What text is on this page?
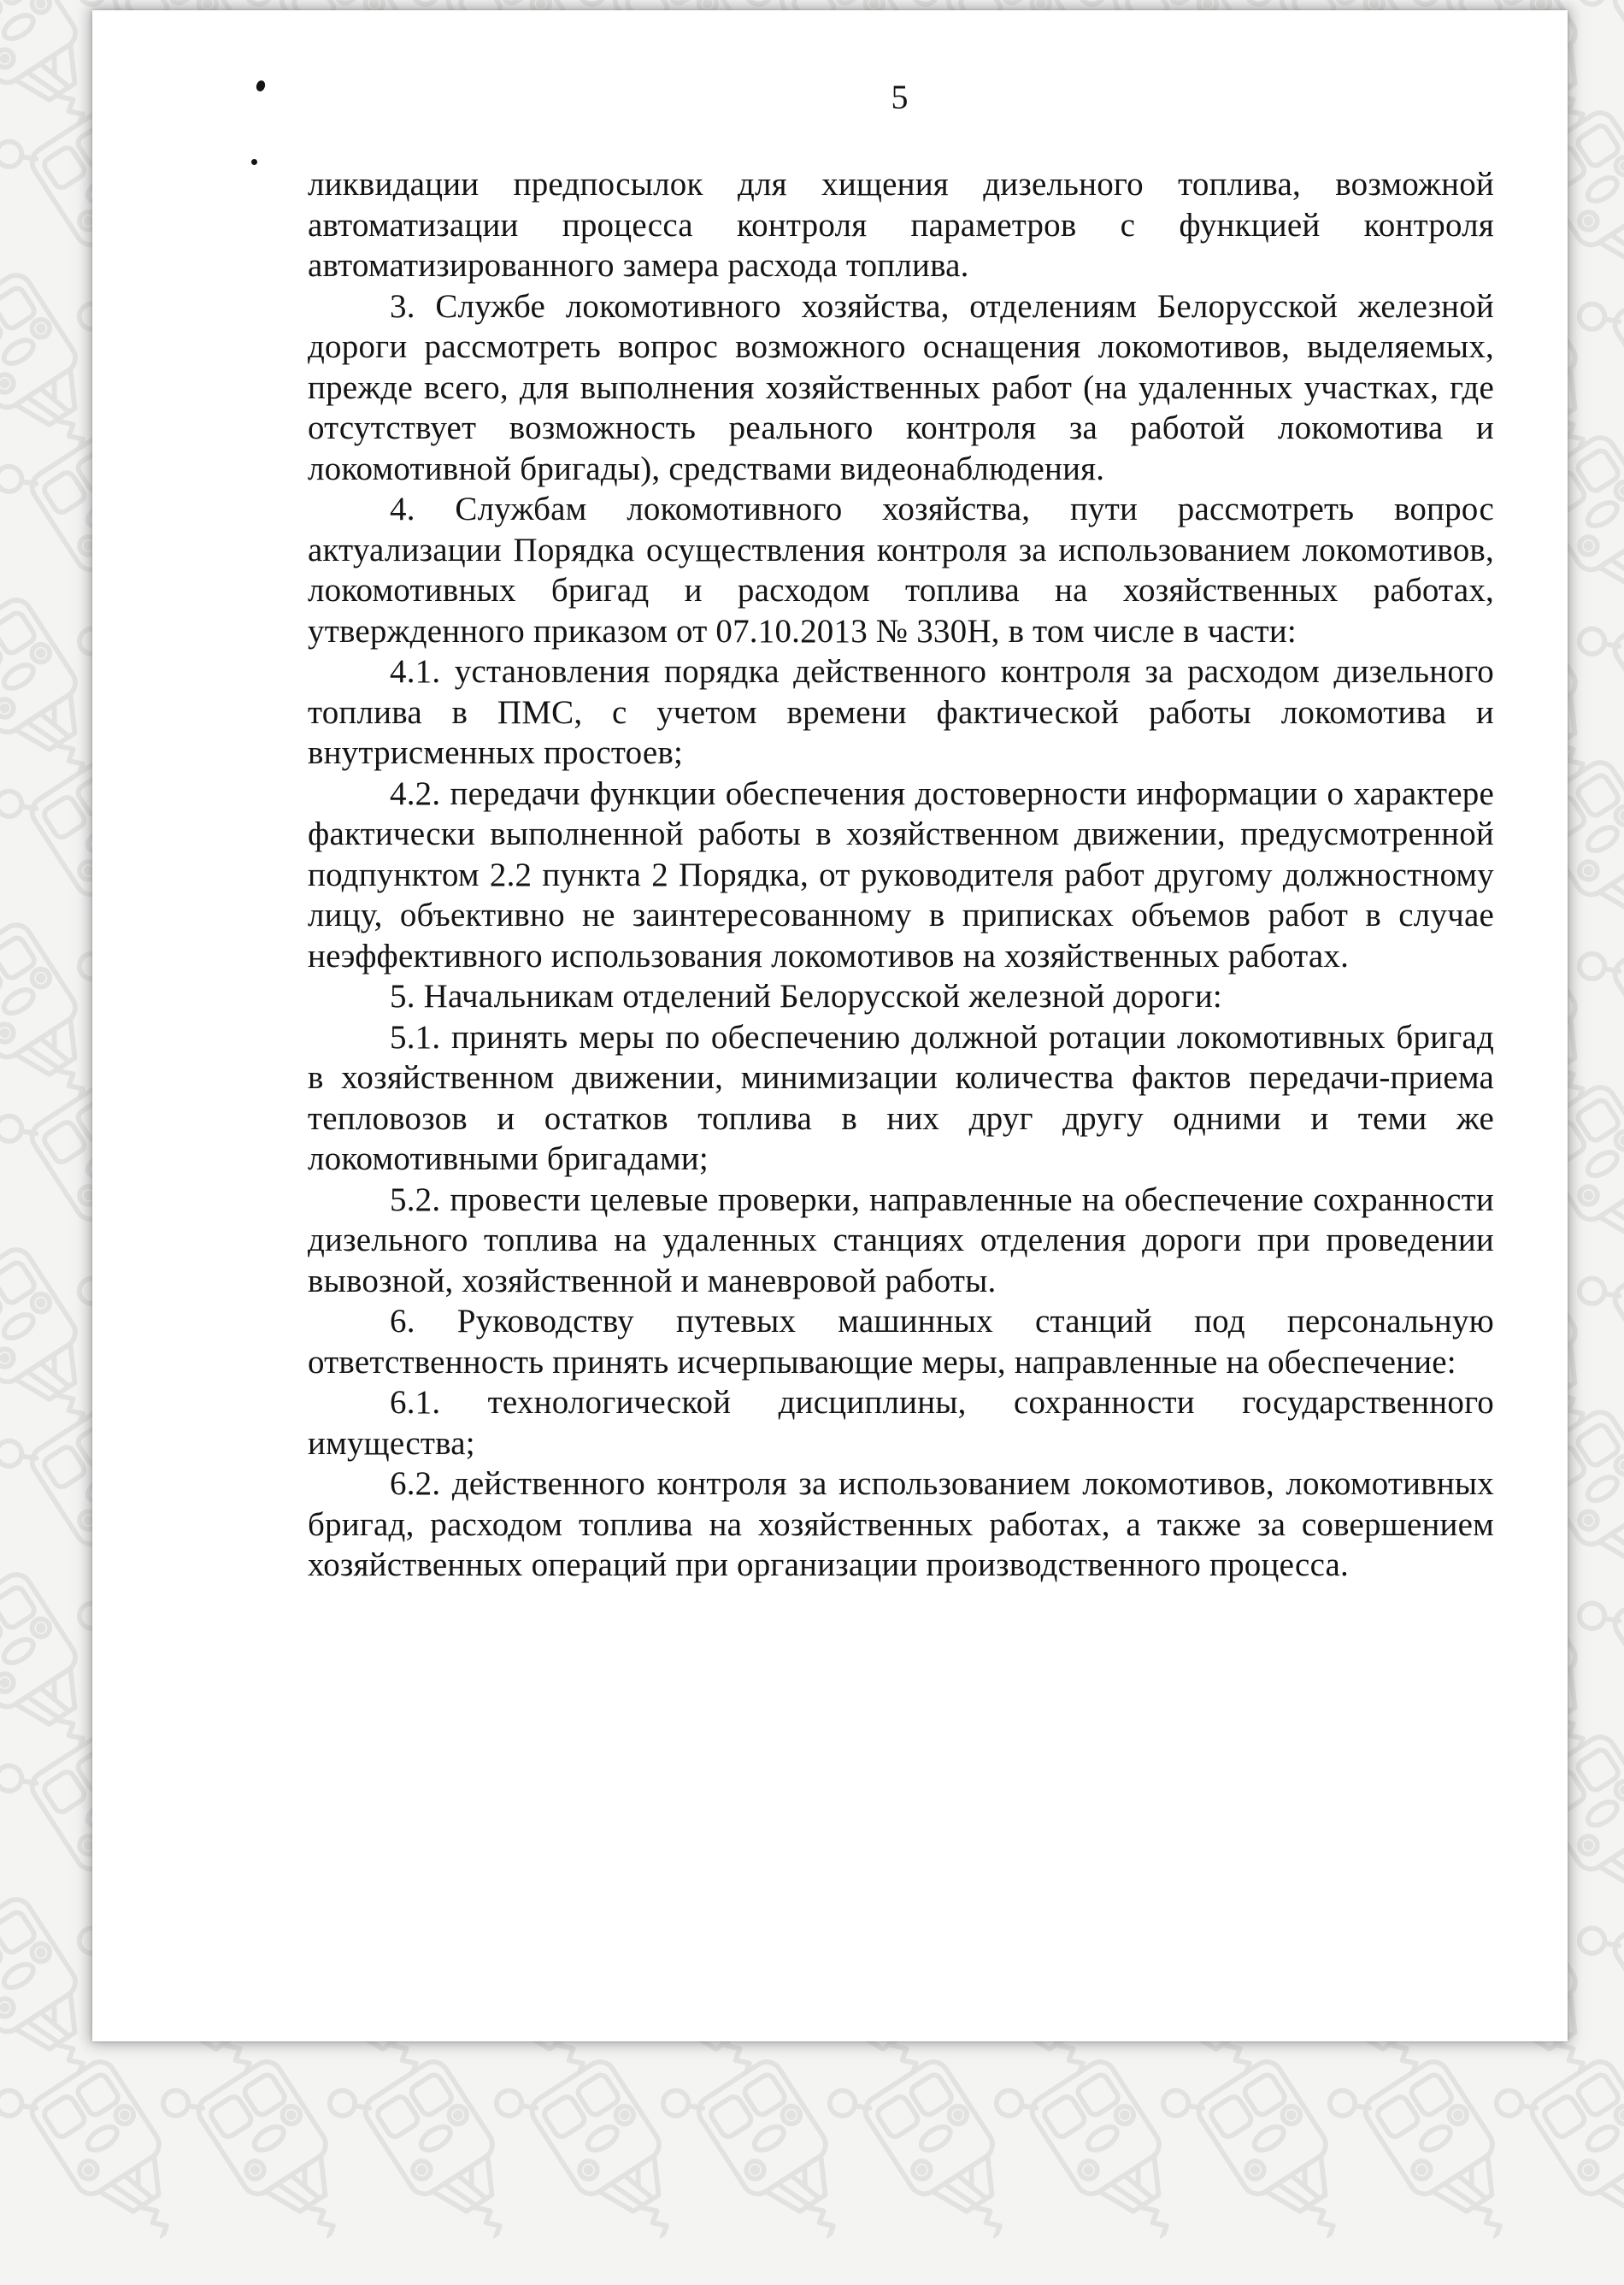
5

ликвидации предпосылок для хищения дизельного топлива, возможной автоматизации процесса контроля параметров с функцией контроля автоматизированного замера расхода топлива.

3. Службе локомотивного хозяйства, отделениям Белорусской железной дороги рассмотреть вопрос возможного оснащения локомотивов, выделяемых, прежде всего, для выполнения хозяйственных работ (на удаленных участках, где отсутствует возможность реального контроля за работой локомотива и локомотивной бригады), средствами видеонаблюдения.

4. Службам локомотивного хозяйства, пути рассмотреть вопрос актуализации Порядка осуществления контроля за использованием локомотивов, локомотивных бригад и расходом топлива на хозяйственных работах, утвержденного приказом от 07.10.2013 № 330Н, в том числе в части:

4.1. установления порядка действенного контроля за расходом дизельного топлива в ПМС, с учетом времени фактической работы локомотива и внутрисменных простоев;

4.2. передачи функции обеспечения достоверности информации о характере фактически выполненной работы в хозяйственном движении, предусмотренной подпунктом 2.2 пункта 2 Порядка, от руководителя работ другому должностному лицу, объективно не заинтересованному в приписках объемов работ в случае неэффективного использования локомотивов на хозяйственных работах.

5. Начальникам отделений Белорусской железной дороги:

5.1. принять меры по обеспечению должной ротации локомотивных бригад в хозяйственном движении, минимизации количества фактов передачи-приема тепловозов и остатков топлива в них друг другу одними и теми же локомотивными бригадами;

5.2. провести целевые проверки, направленные на обеспечение сохранности дизельного топлива на удаленных станциях отделения дороги при проведении вывозной, хозяйственной и маневровой работы.

6. Руководству путевых машинных станций под персональную ответственность принять исчерпывающие меры, направленные на обеспечение:

6.1. технологической дисциплины, сохранности государственного имущества;

6.2. действенного контроля за использованием локомотивов, локомотивных бригад, расходом топлива на хозяйственных работах, а также за совершением хозяйственных операций при организации производственного процесса.
